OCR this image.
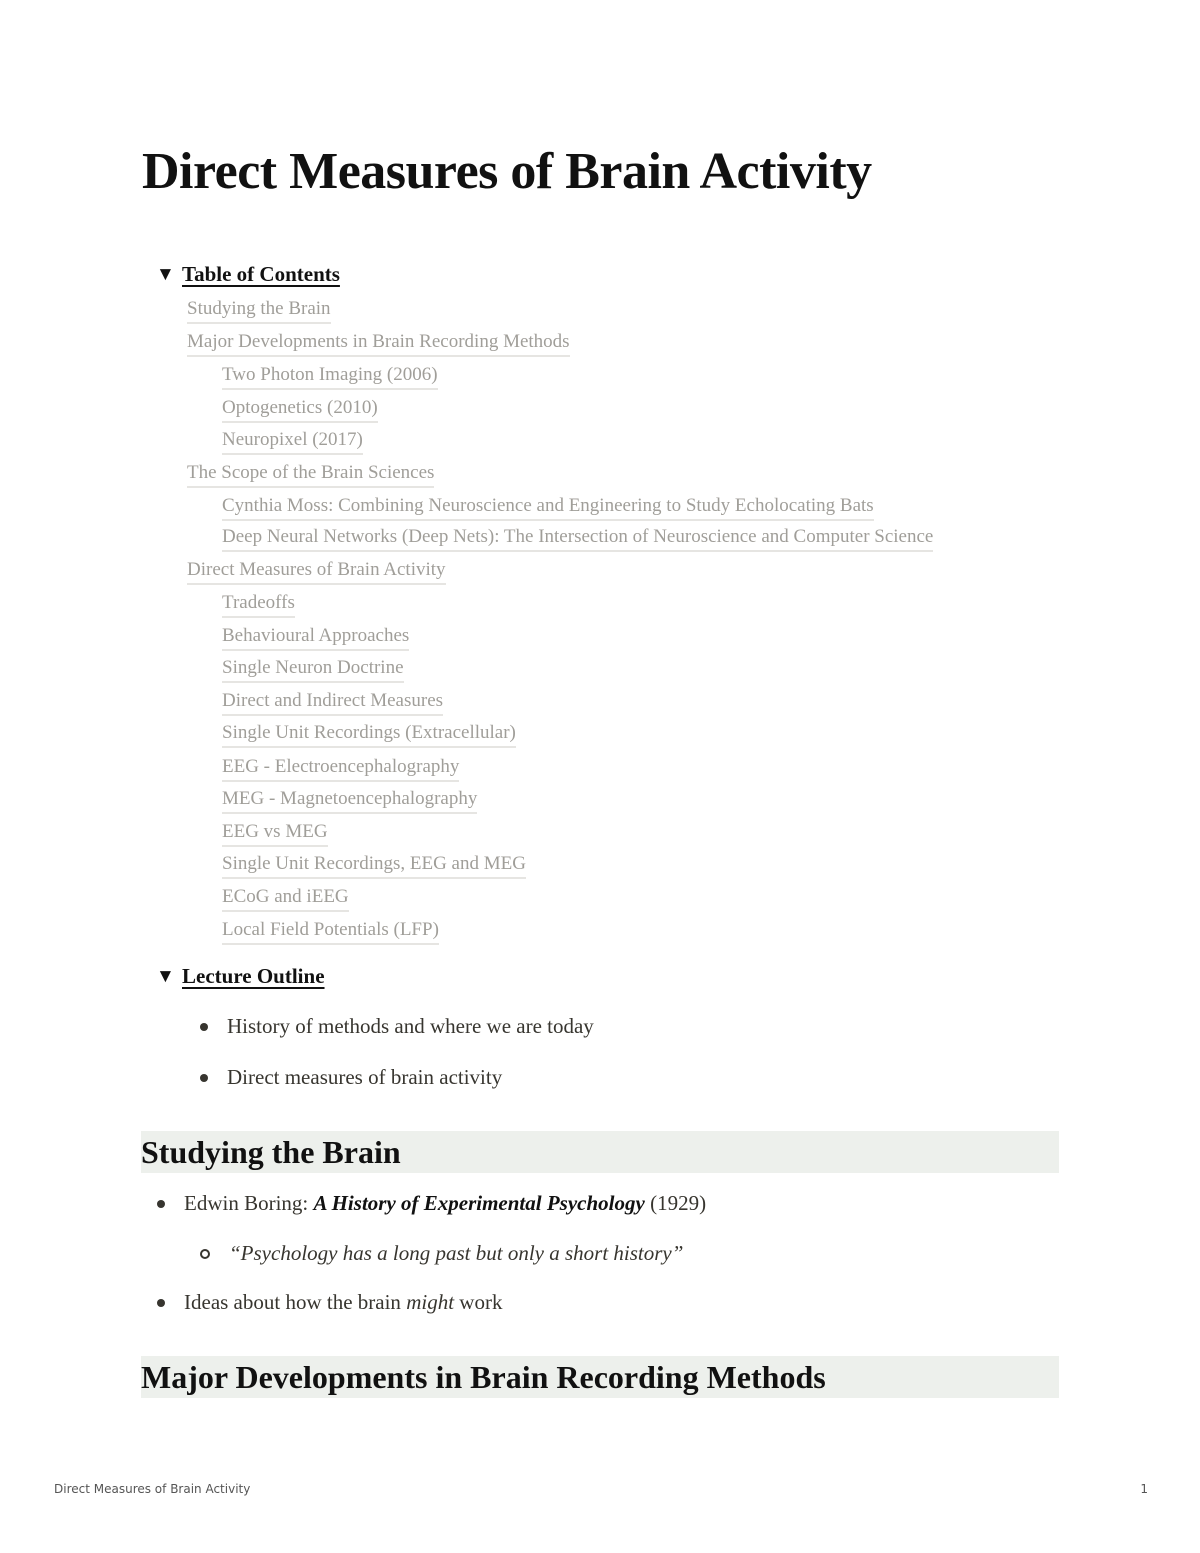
Direct Measures of Brain Activity
▼ Table of Contents
Studying the Brain
Major Developments in Brain Recording Methods
Two Photon Imaging (2006)
Optogenetics (2010)
Neuropixel (2017)
The Scope of the Brain Sciences
Cynthia Moss: Combining Neuroscience and Engineering to Study Echolocating Bats
Deep Neural Networks (Deep Nets): The Intersection of Neuroscience and Computer Science
Direct Measures of Brain Activity
Tradeoffs
Behavioural Approaches
Single Neuron Doctrine
Direct and Indirect Measures
Single Unit Recordings (Extracellular)
EEG - Electroencephalography
MEG - Magnetoencephalography
EEG vs MEG
Single Unit Recordings, EEG and MEG
ECoG and iEEG
Local Field Potentials (LFP)
▼ Lecture Outline
History of methods and where we are today
Direct measures of brain activity
Studying the Brain
Edwin Boring: A History of Experimental Psychology (1929)
“Psychology has a long past but only a short history”
Ideas about how the brain might work
Major Developments in Brain Recording Methods
Direct Measures of Brain Activity	1
